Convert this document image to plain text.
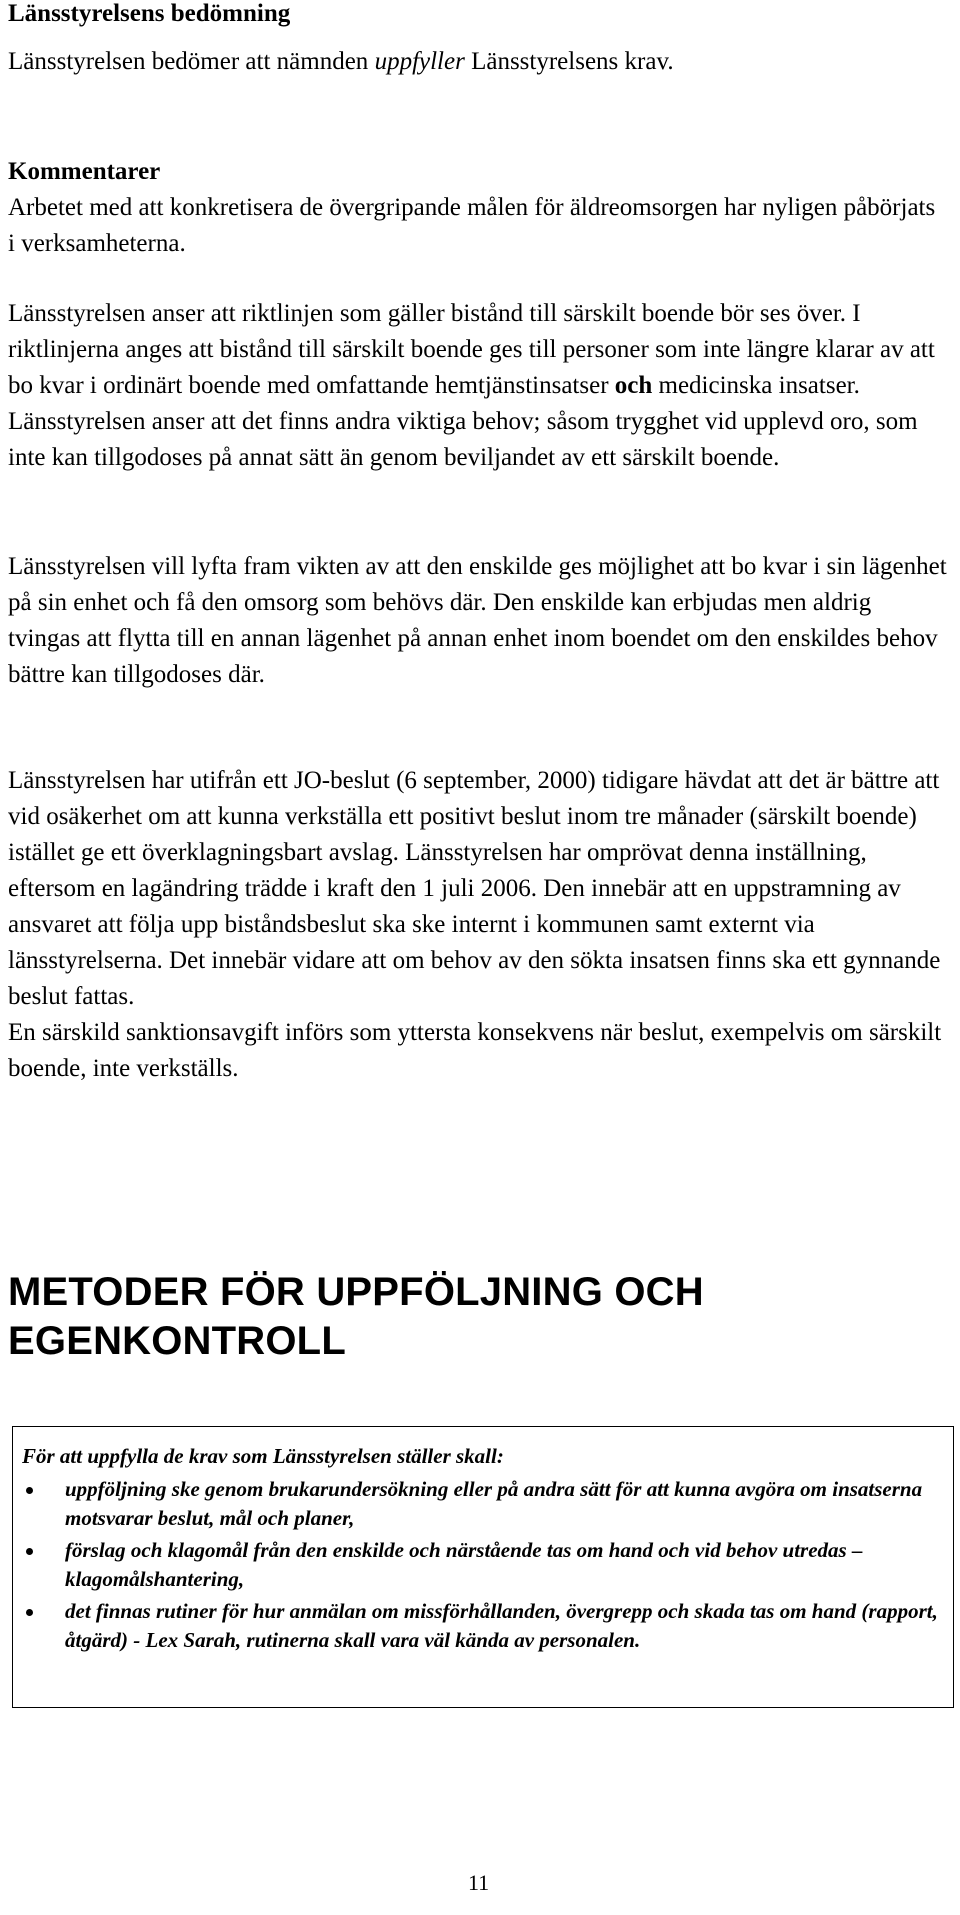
Länsstyrelsens bedömning

Länsstyrelsen bedömer att nämnden uppfyller Länsstyrelsens krav.

Kommentarer

Arbetet med att konkretisera de övergripande målen för äldreomsorgen har nyligen påbörjats i verksamheterna.

Länsstyrelsen anser att riktlinjen som gäller bistånd till särskilt boende bör ses över. I riktlinjerna anges att bistånd till särskilt boende ges till personer som inte längre klarar av att bo kvar i ordinärt boende med omfattande hemtjänstinsatser och medicinska insatser. Länsstyrelsen anser att det finns andra viktiga behov; såsom trygghet vid upplevd oro, som inte kan tillgodoses på annat sätt än genom beviljandet av ett särskilt boende.

Länsstyrelsen vill lyfta fram vikten av att den enskilde ges möjlighet att bo kvar i sin lägenhet på sin enhet och få den omsorg som behövs där. Den enskilde kan erbjudas men aldrig tvingas att flytta till en annan lägenhet på annan enhet inom boendet om den enskildes behov bättre kan tillgodoses där.

Länsstyrelsen har utifrån ett JO-beslut (6 september, 2000) tidigare hävdat att det är bättre att vid osäkerhet om att kunna verkställa ett positivt beslut inom tre månader (särskilt boende) istället ge ett överklagningsbart avslag. Länsstyrelsen har omprövat denna inställning, eftersom en lagändring trädde i kraft den 1 juli 2006. Den innebär att en uppstramning av ansvaret att följa upp biståndsbeslut ska ske internt i kommunen samt externt via länsstyrelserna. Det innebär vidare att om behov av den sökta insatsen finns ska ett gynnande beslut fattas.
En särskild sanktionsavgift införs som yttersta konsekvens när beslut, exempelvis om särskilt boende, inte verkställs.
METODER FÖR UPPFÖLJNING OCH
EGENKONTROLL

För att uppfylla de krav som Länsstyrelsen ställer skall:

uppföljning ske genom brukarundersökning eller på andra sätt för att kunna avgöra om insatserna motsvarar beslut, mål och planer,
förslag och klagomål från den enskilde och närstående tas om hand och vid behov utredas – klagomålshantering,
det finnas rutiner för hur anmälan om missförhållanden, övergrepp och skada tas om hand (rapport, åtgärd) - Lex Sarah, rutinerna skall vara väl kända av personalen.
11
